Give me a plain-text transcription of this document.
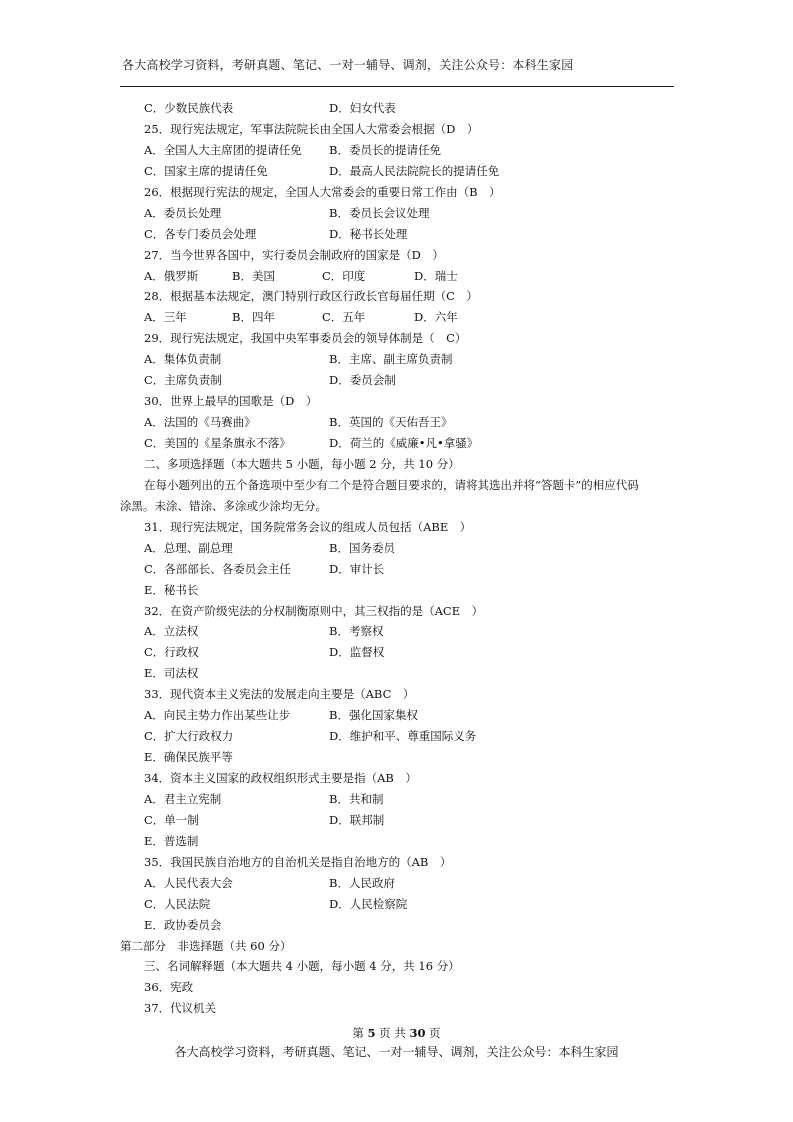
各大高校学习资料，考研真题、笔记、一对一辅导、调剂，关注公众号：本科生家园
C．少数民族代表	D．妇女代表
25．现行宪法规定，军事法院院长由全国人大常委会根据（D　）
A．全国人大主席团的提请任免 B．委员长的提请任免
C．国家主席的提请任免	D．最高人民法院院长的提请任免
26．根据现行宪法的规定，全国人大常委会的重要日常工作由（B　）
A．委员长处理	B．委员长会议处理
C．各专门委员会处理	D．秘书长处理
27．当今世界各国中，实行委员会制政府的国家是（D　）
A．俄罗斯	B．美国	C．印度	D．瑞士
28．根据基本法规定，澳门特别行政区行政长官每届任期（C　）
A．三年	B．四年	C．五年	D．六年
29．现行宪法规定，我国中央军事委员会的领导体制是（　C）
A．集体负责制	B．主席、副主席负责制
C．主席负责制	D．委员会制
30．世界上最早的国歌是（D　）
A．法国的《马赛曲》	B．英国的《天佑吾王》
C．美国的《星条旗永不落》	D．荷兰的《威廉•凡•拿骚》
二、多项选择题（本大题共 5 小题，每小题 2 分，共 10 分）
在每小题列出的五个备选项中至少有二个是符合题目要求的，请将其选出并将“答题卡”的相应代码
涂黑。未涂、错涂、多涂或少涂均无分。
31．现行宪法规定，国务院常务会议的组成人员包括（ABE　）
A．总理、副总理	B．国务委员
C．各部部长、各委员会主任	D．审计长
E．秘书长
32．在资产阶级宪法的分权制衡原则中，其三权指的是（ACE　）
A．立法权	B．考察权
C．行政权	D．监督权
E．司法权
33．现代资本主义宪法的发展走向主要是（ABC　）
A．向民主势力作出某些让步	B．强化国家集权
C．扩大行政权力	D．维护和平、尊重国际义务
E．确保民族平等
34．资本主义国家的政权组织形式主要是指（AB　）
A．君主立宪制	B．共和制
C．单一制	D．联邦制
E．普选制
35．我国民族自治地方的自治机关是指自治地方的（AB　）
A．人民代表大会	B．人民政府
C．人民法院	D．人民检察院
E．政协委员会
第二部分　非选择题（共 60 分）
三、名词解释题（本大题共 4 小题，每小题 4 分，共 16 分）
36．宪政
37．代议机关
第 5 页 共 30 页
各大高校学习资料，考研真题、笔记、一对一辅导、调剂，关注公众号：本科生家园
